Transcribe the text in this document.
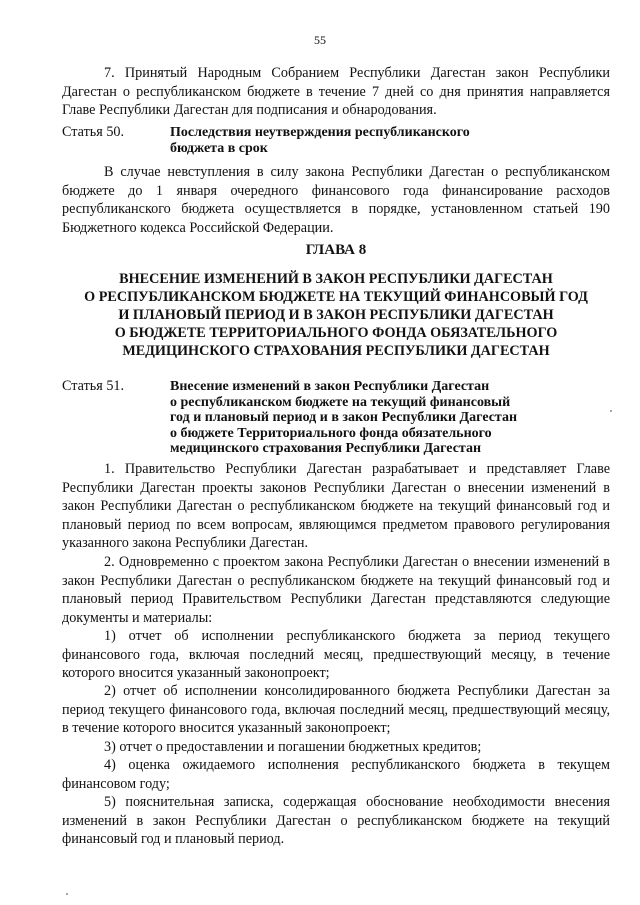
55
7. Принятый Народным Собранием Республики Дагестан закон Республики Дагестан о республиканском бюджете в течение 7 дней со дня принятия направляется Главе Республики Дагестан для подписания и обнародования.
Статья 50.	Последствия неутверждения республиканского
бюджета в срок
В случае невступления в силу закона Республики Дагестан о республиканском бюджете до 1 января очередного финансового года финансирование расходов республиканского бюджета осуществляется в порядке, установленном статьей 190 Бюджетного кодекса Российской Федерации.
ГЛАВА 8
ВНЕСЕНИЕ ИЗМЕНЕНИЙ В ЗАКОН РЕСПУБЛИКИ ДАГЕСТАН
О РЕСПУБЛИКАНСКОМ БЮДЖЕТЕ НА ТЕКУЩИЙ ФИНАНСОВЫЙ ГОД
И ПЛАНОВЫЙ ПЕРИОД И В ЗАКОН РЕСПУБЛИКИ ДАГЕСТАН
О БЮДЖЕТЕ ТЕРРИТОРИАЛЬНОГО ФОНДА ОБЯЗАТЕЛЬНОГО
МЕДИЦИНСКОГО СТРАХОВАНИЯ РЕСПУБЛИКИ ДАГЕСТАН
Статья 51.	Внесение изменений в закон Республики Дагестан
о республиканском бюджете на текущий финансовый
год и плановый период и в закон Республики Дагестан
о бюджете Территориального фонда обязательного
медицинского страхования Республики Дагестан
1. Правительство Республики Дагестан разрабатывает и представляет Главе Республики Дагестан проекты законов Республики Дагестан о внесении изменений в закон Республики Дагестан о республиканском бюджете на текущий финансовый год и плановый период по всем вопросам, являющимся предметом правового регулирования указанного закона Республики Дагестан.
2. Одновременно с проектом закона Республики Дагестан о внесении изменений в закон Республики Дагестан о республиканском бюджете на текущий финансовый год и плановый период Правительством Республики Дагестан представляются следующие документы и материалы:
1) отчет об исполнении республиканского бюджета за период текущего финансового года, включая последний месяц, предшествующий месяцу, в течение которого вносится указанный законопроект;
2) отчет об исполнении консолидированного бюджета Республики Дагестан за период текущего финансового года, включая последний месяц, предшествующий месяцу, в течение которого вносится указанный законопроект;
3) отчет о предоставлении и погашении бюджетных кредитов;
4) оценка ожидаемого исполнения республиканского бюджета в текущем финансовом году;
5) пояснительная записка, содержащая обоснование необходимости внесения изменений в закон Республики Дагестан о республиканском бюджете на текущий финансовый год и плановый период.
